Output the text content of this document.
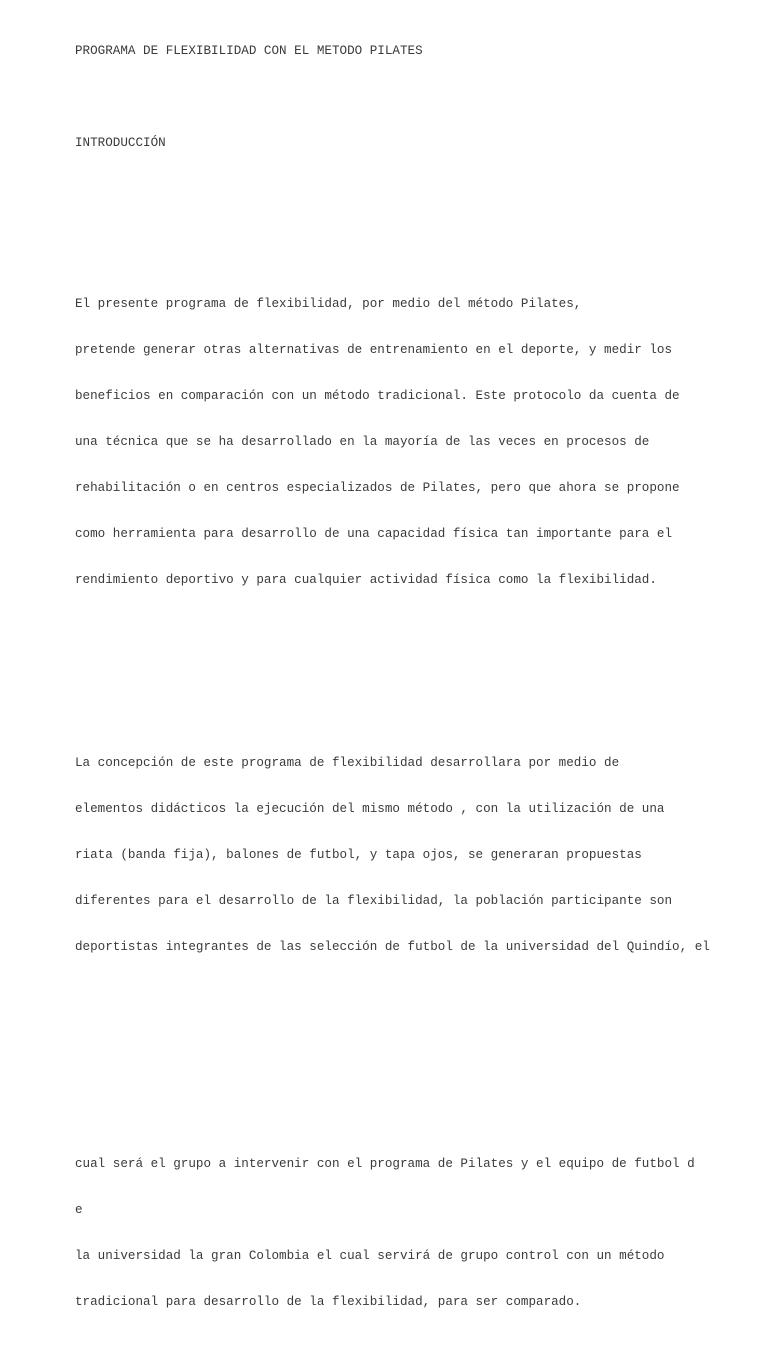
PROGRAMA DE FLEXIBILIDAD CON EL METODO PILATES

INTRODUCCIÓN

El presente programa de flexibilidad, por medio del método Pilates,

pretende generar otras alternativas de entrenamiento en el deporte, y medir los

beneficios en comparación con un método tradicional. Este protocolo da cuenta de

una técnica que se ha desarrollado en la mayoría de las veces en procesos de

rehabilitación o en centros especializados de Pilates, pero que ahora se propone

como herramienta para desarrollo de una capacidad física tan importante para el

rendimiento deportivo y para cualquier actividad física como la flexibilidad.

La concepción de este programa de flexibilidad desarrollara por medio de

elementos didácticos la ejecución del mismo método , con la utilización de una

riata (banda fija), balones de futbol, y tapa ojos, se generaran propuestas

diferentes para el desarrollo de la flexibilidad, la población participante son

deportistas integrantes de las selección de futbol de la universidad del Quindío, el

cual será el grupo a intervenir con el programa de Pilates y el equipo de futbol d

e

la universidad la gran Colombia el cual servirá de grupo control con un método

tradicional para desarrollo de la flexibilidad, para ser comparado.
